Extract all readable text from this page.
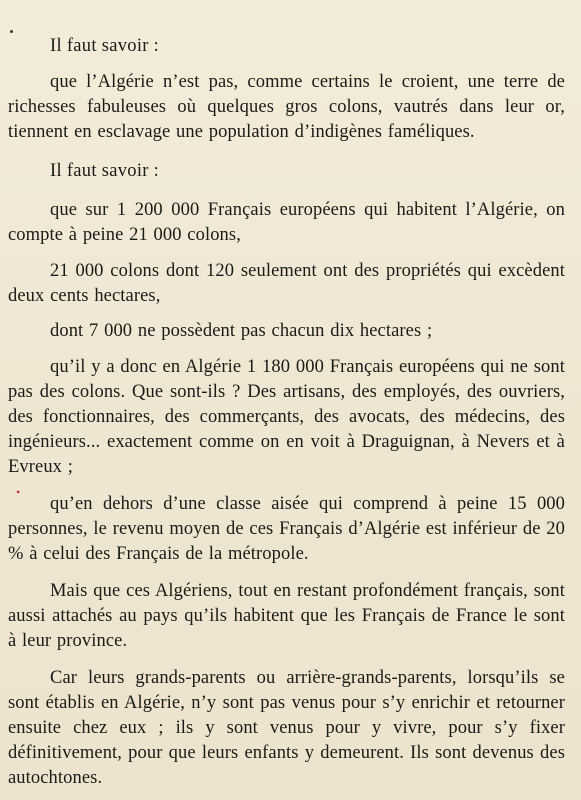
Il faut savoir :

que l’Algérie n’est pas, comme certains le croient, une terre de richesses fabuleuses où quelques gros colons, vautrés dans leur or, tiennent en esclavage une population d’indigènes faméliques.

Il faut savoir :

que sur 1 200 000 Français européens qui habitent l’Algérie, on compte à peine 21 000 colons,

21 000 colons dont 120 seulement ont des propriétés qui excèdent deux cents hectares,

dont 7 000 ne possèdent pas chacun dix hectares ;

qu’il y a donc en Algérie 1 180 000 Français européens qui ne sont pas des colons. Que sont-ils ? Des artisans, des employés, des ouvriers, des fonctionnaires, des commerçants, des avocats, des médecins, des ingénieurs... exactement comme on en voit à Draguignan, à Nevers et à Evreux ;

•

qu’en dehors d’une classe aisée qui comprend à peine 15 000 personnes, le revenu moyen de ces Français d’Algérie est inférieur de 20 % à celui des Français de la métropole.

Mais que ces Algériens, tout en restant profondément français, sont aussi attachés au pays qu’ils habitent que les Français de France le sont à leur province.

Car leurs grands-parents ou arrière-grands-parents, lorsqu’ils se sont établis en Algérie, n’y sont pas venus pour s’y enrichir et retourner ensuite chez eux ; ils y sont venus pour y vivre, pour s’y fixer définitivement, pour que leurs enfants y demeurent. Ils sont devenus des autochtones.
